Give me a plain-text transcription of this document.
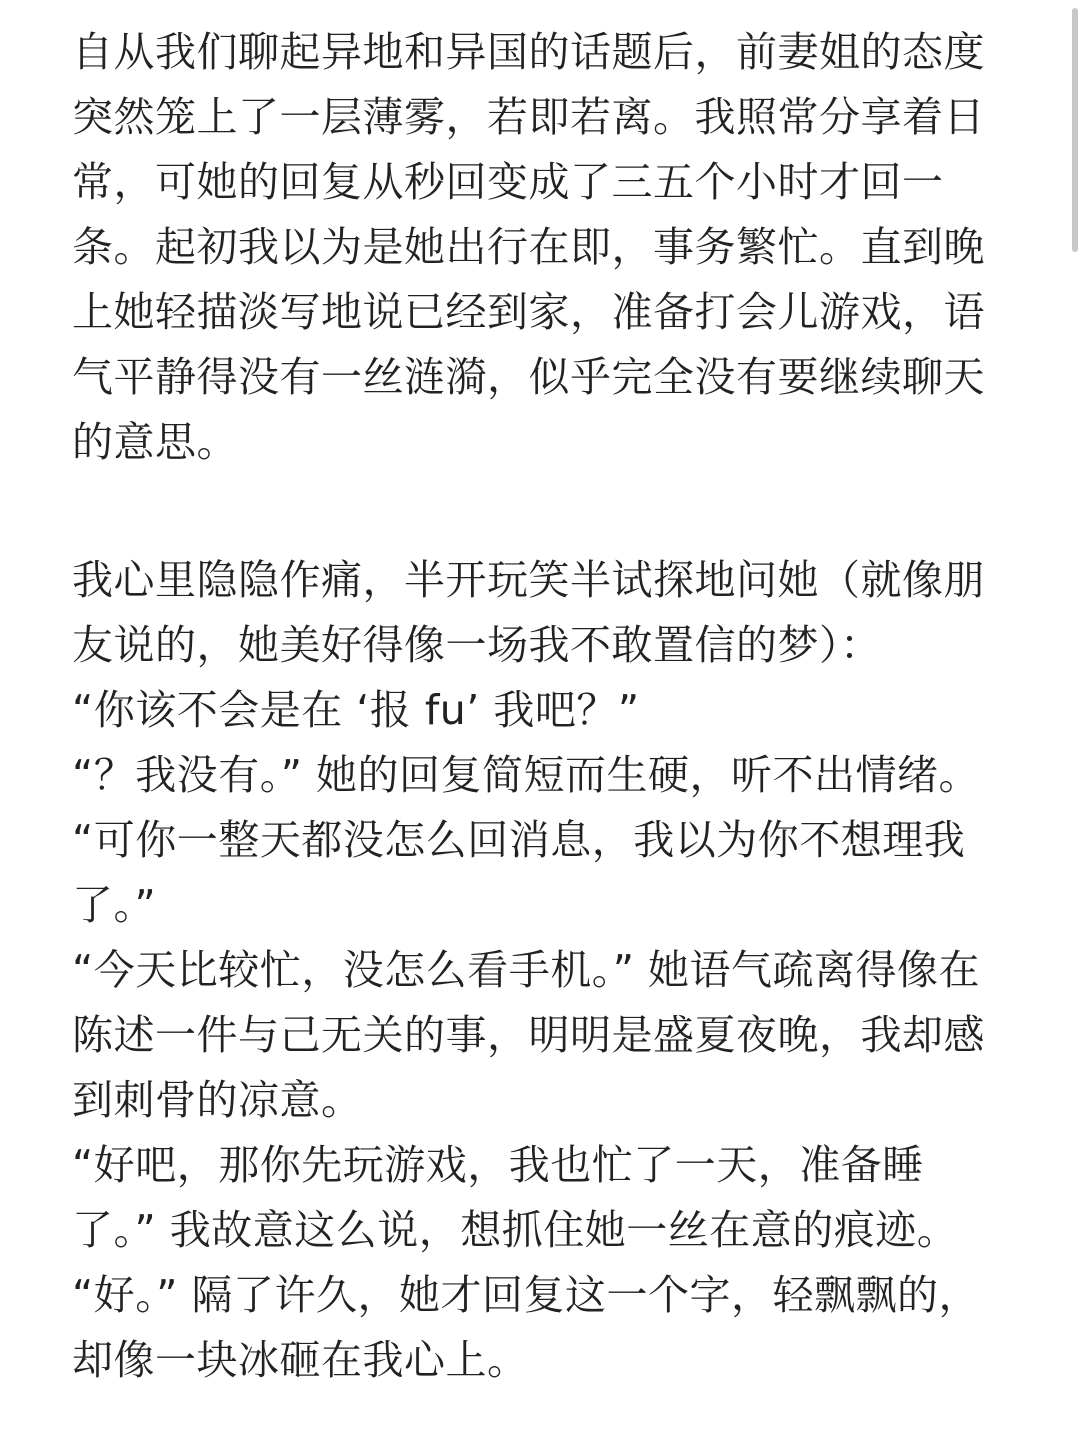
自从我们聊起异地和异国的话题后，前妻姐的态度
突然笼上了一层薄雾，若即若离。我照常分享着日
常，可她的回复从秒回变成了三五个小时才回一
条。起初我以为是她出行在即，事务繁忙。直到晚
上她轻描淡写地说已经到家，准备打会儿游戏，语
气平静得没有一丝涟漪，似乎完全没有要继续聊天
的意思。
我心里隐隐作痛，半开玩笑半试探地问她（就像朋
友说的，她美好得像一场我不敢置信的梦）：
“你该不会是在 ‘报 fu’ 我吧？”
“？我没有。” 她的回复简短而生硬，听不出情绪。
“可你一整天都没怎么回消息，我以为你不想理我
了。”
“今天比较忙，没怎么看手机。” 她语气疏离得像在
陈述一件与己无关的事，明明是盛夏夜晚，我却感
到刺骨的凉意。
“好吧，那你先玩游戏，我也忙了一天，准备睡
了。” 我故意这么说，想抓住她一丝在意的痕迹。
“好。” 隔了许久，她才回复这一个字，轻飘飘的，
却像一块冰砸在我心上。
